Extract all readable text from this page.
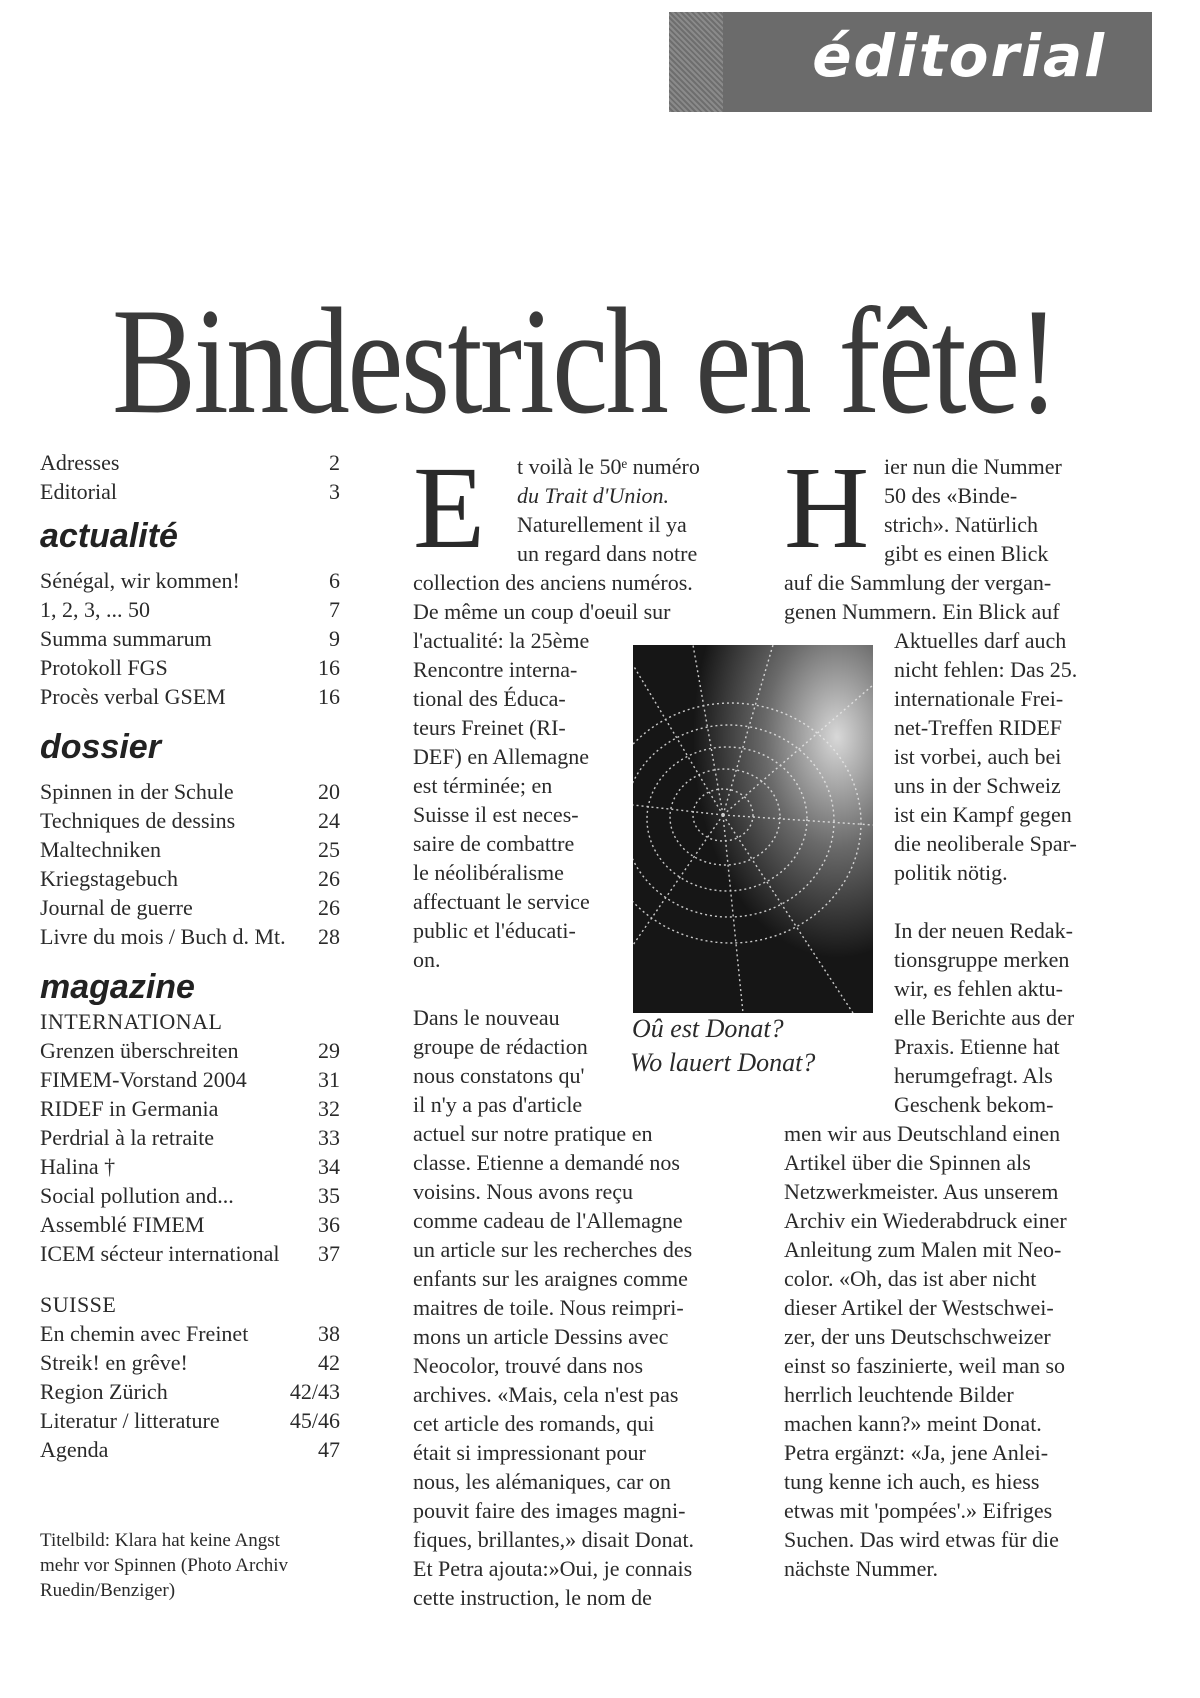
éditorial
Bindestrich en fête!
Adresses	2
Editorial	3
actualité
Sénégal, wir kommen!	6
1, 2, 3, ... 50	7
Summa summarum	9
Protokoll FGS	16
Procès verbal GSEM	16
dossier
Spinnen in der Schule	20
Techniques de dessins	24
Maltechniken	25
Kriegstagebuch	26
Journal de guerre	26
Livre du mois / Buch d. Mt. 28
magazine
INTERNATIONAL
Grenzen überschreiten	29
FIMEM-Vorstand 2004	31
RIDEF in Germania	32
Perdrial à la retraite	33
Halina †	34
Social pollution and...	35
Assemblé FIMEM	36
ICEM sécteur international 37
SUISSE
En chemin avec Freinet	38
Streik! en grêve!	42
Region Zürich	42/43
Literatur / litterature	45/46
Agenda	47
Titelbild: Klara hat keine Angst
mehr vor Spinnen (Photo Archiv
Ruedin/Benziger)
Oû est Donat?
Wo lauert Donat?
E	t voilà le 50ᵉ numéro
du Trait d'Union.
Naturellement il ya
un regard dans notre
collection des anciens numéros.
De même un coup d'oeuil sur
l'actualité: la 25ème
Rencontre interna-
tional des Éduca-
teurs Freinet (RI-
DEF) en Allemagne
est términée; en
Suisse il est neces-
saire de combattre
le néolibéralisme
affectuant le service
public et l'éducati-
on.
Dans le nouveau
groupe de rédaction
nous constatons qu'
il n'y a pas d'article
actuel sur notre pratique en
classe. Etienne a demandé nos
voisins. Nous avons reçu
comme cadeau de l'Allemagne
un article sur les recherches des
enfants sur les araignes comme
maitres de toile. Nous reimpri-
mons un article Dessins avec
Neocolor, trouvé dans nos
archives. «Mais, cela n'est pas
cet article des romands, qui
était si impressionant pour
nous, les alémaniques, car on
pouvit faire des images magni-
fiques, brillantes,» disait Donat.
Et Petra ajouta:»Oui, je connais
cette instruction, le nom de
H ier nun die Nummer
50 des «Binde-
strich». Natürlich
gibt es einen Blick
auf die Sammlung der vergan-
genen Nummern. Ein Blick auf
Aktuelles darf auch
nicht fehlen: Das 25.
internationale Frei-
net-Treffen RIDEF
ist vorbei, auch bei
uns in der Schweiz
ist ein Kampf gegen
die neoliberale Spar-
politik nötig.
In der neuen Redak-
tionsgruppe merken
wir, es fehlen aktu-
elle Berichte aus der
Praxis. Etienne hat
herumgefragt. Als
Geschenk bekom-
men wir aus Deutschland einen
Artikel über die Spinnen als
Netzwerkmeister. Aus unserem
Archiv ein Wiederabdruck einer
Anleitung zum Malen mit Neo-
color. «Oh, das ist aber nicht
dieser Artikel der Westschwei-
zer, der uns Deutschschweizer
einst so faszinierte, weil man so
herrlich leuchtende Bilder
machen kann?» meint Donat.
Petra ergänzt: «Ja, jene Anlei-
tung kenne ich auch, es hiess
etwas mit 'pompées'.» Eifriges
Suchen. Das wird etwas für die
nächste Nummer.
